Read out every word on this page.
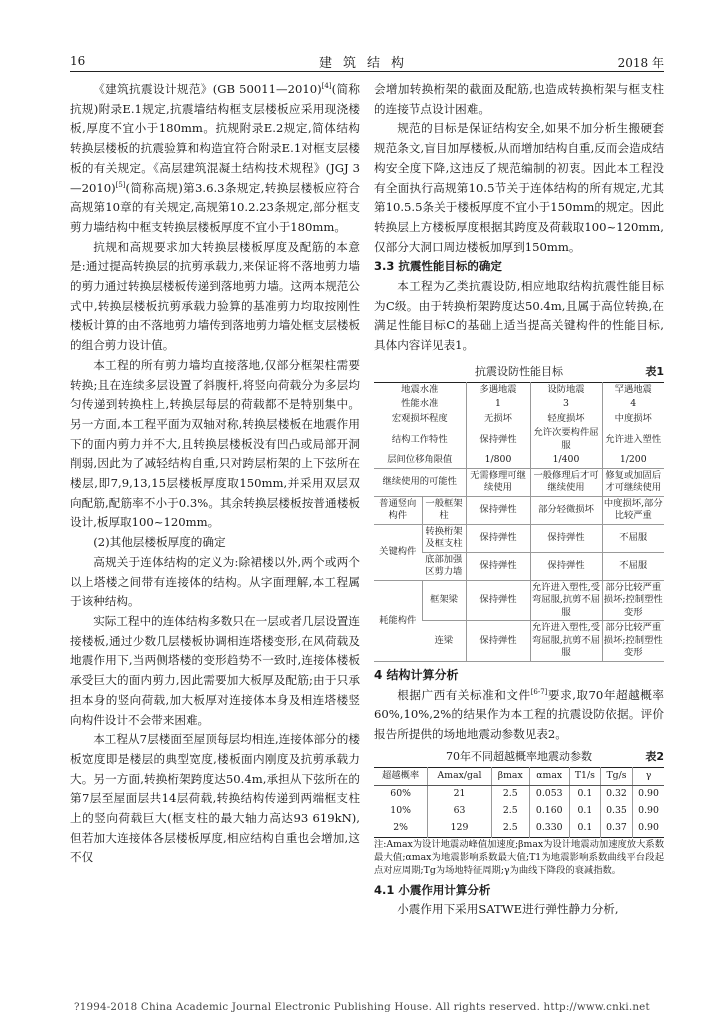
16	建筑结构	2018 年

《建筑抗震设计规范》(GB 50011—2010)[4](简称抗规)附录E.1规定,抗震墙结构框支层楼板应采用现浇楼板,厚度不宜小于180mm。抗规附录E.2规定,简体结构转换层楼板的抗震验算和构造宜符合附录E.1对框支层楼板的有关规定。《高层建筑混凝土结构技术规程》(JGJ 3—2010)[5](简称高规)第3.6.3条规定,转换层楼板应符合高规第10章的有关规定,高规第10.2.23条规定,部分框支剪力墙结构中框支转换层楼板厚度不宜小于180mm。

抗规和高规要求加大转换层楼板厚度及配筋的本意是:通过提高转换层的抗剪承载力,来保证将不落地剪力墙的剪力通过转换层楼板传递到落地剪力墙。这两本规范公式中,转换层楼板抗剪承载力验算的基准剪力均取按刚性楼板计算的由不落地剪力墙传到落地剪力墙处框支层楼板的组合剪力设计值。

本工程的所有剪力墙均直接落地,仅部分框架柱需要转换;且在连续多层设置了斜腹杆,将竖向荷载分为多层均匀传递到转换柱上,转换层每层的荷载都不是特别集中。另一方面,本工程平面为双轴对称,转换层楼板在地震作用下的面内剪力并不大,且转换层楼板没有凹凸或局部开洞削弱,因此为了减轻结构自重,只对跨层桁架的上下弦所在楼层,即7,9,13,15层楼板厚度取150mm,并采用双层双向配筋,配筋率不小于0.3%。其余转换层楼板按普通楼板设计,板厚取100~120mm。

(2)其他层楼板厚度的确定

高规关于连体结构的定义为:除裙楼以外,两个或两个以上塔楼之间带有连接体的结构。从字面理解,本工程属于该种结构。

实际工程中的连体结构多数只在一层或者几层设置连接楼板,通过少数几层楼板协调相连塔楼变形,在风荷载及地震作用下,当两侧塔楼的变形趋势不一致时,连接体楼板承受巨大的面内剪力,因此需要加大板厚及配筋;由于只承担本身的竖向荷载,加大板厚对连接体本身及相连塔楼竖向构件设计不会带来困难。

本工程从7层楼面至屋顶每层均相连,连接体部分的楼板宽度即是楼层的典型宽度,楼板面内刚度及抗剪承载力大。另一方面,转换桁架跨度达50.4m,承担从下弦所在的第7层至屋面层共14层荷载,转换结构传递到两端框支柱上的竖向荷载巨大(框支柱的最大轴力高达93 619kN),但若加大连接体各层楼板厚度,相应结构自重也会增加,这不仅

会增加转换桁架的截面及配筋,也造成转换桁架与框支柱的连接节点设计困难。

规范的目标是保证结构安全,如果不加分析生搬硬套规范条文,盲目加厚楼板,从而增加结构自重,反而会造成结构安全度下降,这违反了规范编制的初衷。因此本工程没有全面执行高规第10.5节关于连体结构的所有规定,尤其第10.5.5条关于楼板厚度不宜小于150mm的规定。因此转换层上方楼板厚度根据其跨度及荷载取100~120mm,仅部分大洞口周边楼板加厚到150mm。

3.3 抗震性能目标的确定

本工程为乙类抗震设防,相应地取结构抗震性能目标为C级。由于转换桁架跨度达50.4m,且属于高位转换,在满足性能目标C的基础上适当提高关键构件的性能目标,具体内容详见表1。

抗震设防性能目标	表1
地震水准		多遇地震	设防地震	罕遇地震
性能水准		1	3	4
宏观损坏程度		无损坏	轻度损坏	中度损坏
结构工作特性		保持弹性	允许次要构件屈服	允许进入塑性
层间位移角限值		1/800	1/400	1/200
继续使用的可能性		无需修理可继续使用	一般修理后才可继续使用	修复或加固后才可继续使用
普通竖向构件	一般框架柱	保持弹性	部分轻微损坏	中度损坏,部分比较严重
关键构件	转换桁架及框支柱	保持弹性	保持弹性	不屈服
	底部加强区剪力墙	保持弹性	保持弹性	不屈服
耗能构件	框架梁	保持弹性	允许进入塑性,受弯屈服,抗剪不屈服	部分比较严重损坏;控制塑性变形
	连梁	保持弹性	允许进入塑性,受弯屈服,抗剪不屈服	部分比较严重损坏;控制塑性变形

4 结构计算分析

根据广西有关标准和文件[6-7]要求,取70年超越概率60%,10%,2%的结果作为本工程的抗震设防依据。评价报告所提供的场地地震动参数见表2。

70年不同超越概率地震动参数	表2
超越概率	Amax/gal	βmax	αmax	T1/s	Tg/s	γ
60%	21	2.5	0.053	0.1	0.32	0.90
10%	63	2.5	0.160	0.1	0.35	0.90
2%	129	2.5	0.330	0.1	0.37	0.90

注:Amax为设计地震动峰值加速度;βmax为设计地震动加速度放大系数最大值;αmax为地震影响系数最大值;T1为地震影响系数曲线平台段起点对应周期;Tg为场地特征周期;γ为曲线下降段的衰减指数。

4.1 小震作用计算分析

小震作用下采用SATWE进行弹性静力分析,

?1994-2018 China Academic Journal Electronic Publishing House. All rights reserved. http://www.cnki.net
